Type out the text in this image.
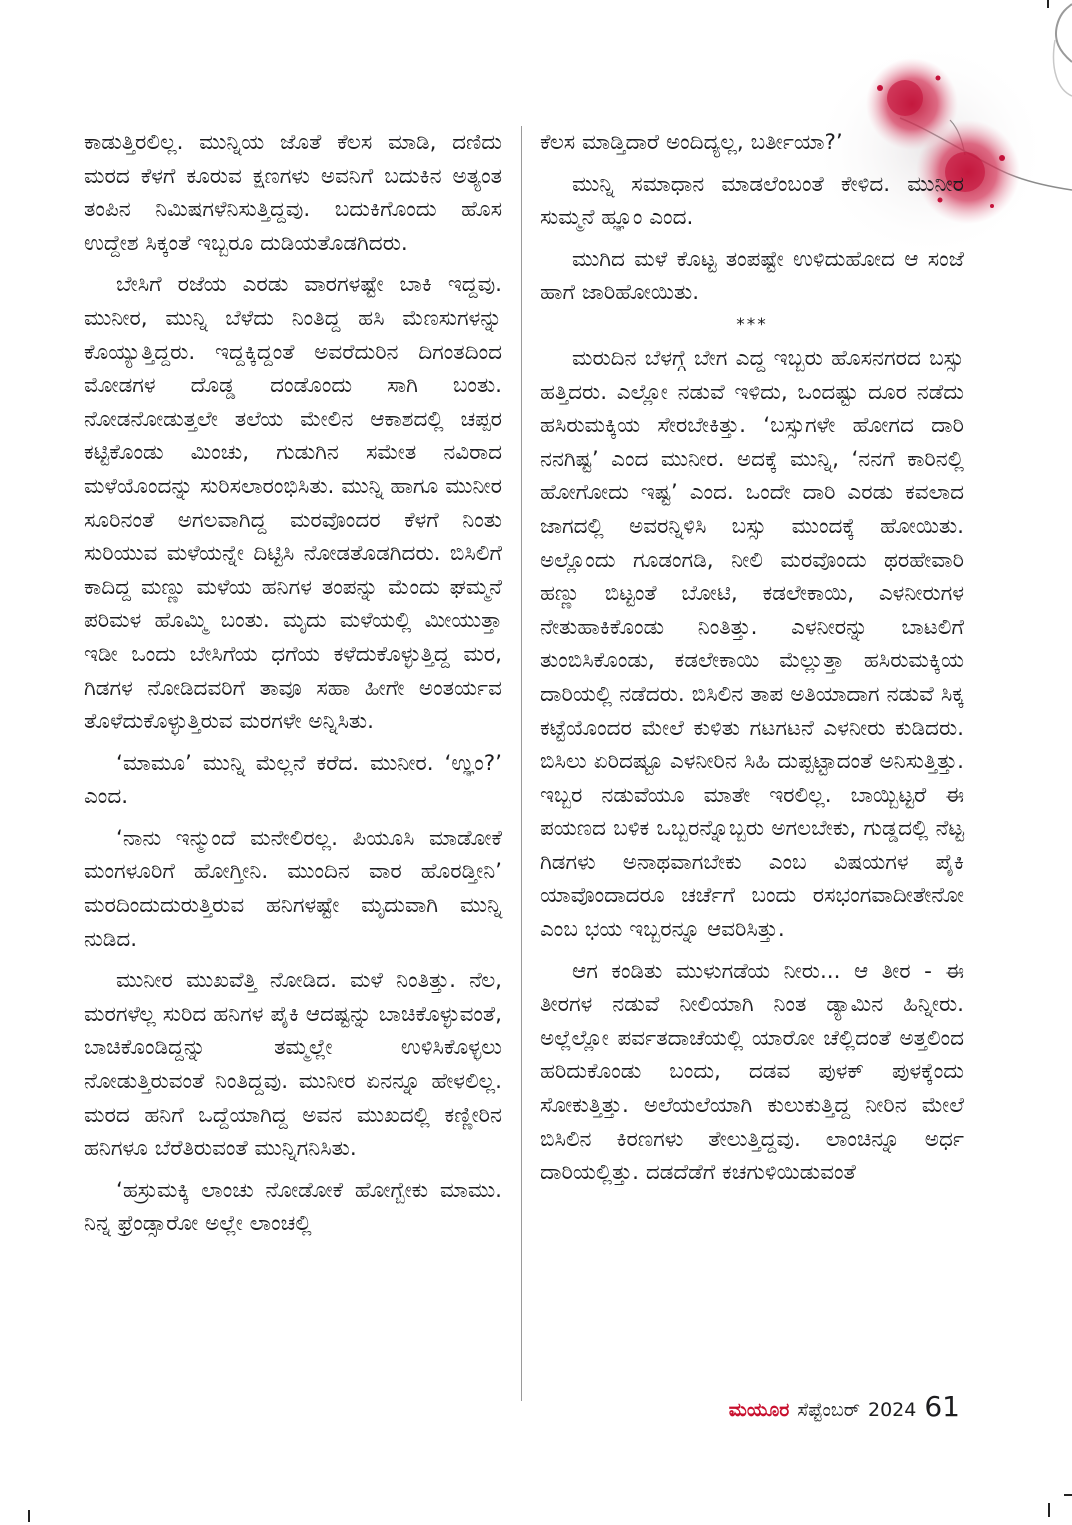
ಕಾಡುತ್ತಿರಲಿಲ್ಲ. ಮುನ್ನಿಯ ಜೊತೆ ಕೆಲಸ ಮಾಡಿ, ದಣಿದು ಮರದ ಕೆಳಗೆ ಕೂರುವ ಕ್ಷಣಗಳು ಅವನಿಗೆ ಬದುಕಿನ ಅತ್ಯಂತ ತಂಪಿನ ನಿಮಿಷಗಳೆನಿಸುತ್ತಿದ್ದವು. ಬದುಕಿಗೊಂದು ಹೊಸ ಉದ್ದೇಶ ಸಿಕ್ಕಂತೆ ಇಬ್ಬರೂ ದುಡಿಯತೊಡಗಿದರು.

ಬೇಸಿಗೆ ರಜೆಯ ಎರಡು ವಾರಗಳಷ್ಟೇ ಬಾಕಿ ಇದ್ದವು. ಮುನೀರ, ಮುನ್ನಿ ಬೆಳೆದು ನಿಂತಿದ್ದ ಹಸಿ ಮೆಣಸುಗಳನ್ನು ಕೊಯ್ಯುತ್ತಿದ್ದರು. ಇದ್ದಕ್ಕಿದ್ದಂತೆ ಅವರೆದುರಿನ ದಿಗಂತದಿಂದ ಮೋಡಗಳ ದೊಡ್ಡ ದಂಡೊಂದು ಸಾಗಿ ಬಂತು. ನೋಡನೋಡುತ್ತಲೇ ತಲೆಯ ಮೇಲಿನ ಆಕಾಶದಲ್ಲಿ ಚಪ್ಪರ ಕಟ್ಟಿಕೊಂಡು ಮಿಂಚು, ಗುಡುಗಿನ ಸಮೇತ ನವಿರಾದ ಮಳೆಯೊಂದನ್ನು ಸುರಿಸಲಾರಂಭಿಸಿತು. ಮುನ್ನಿ ಹಾಗೂ ಮುನೀರ ಸೂರಿನಂತೆ ಅಗಲವಾಗಿದ್ದ ಮರವೊಂದರ ಕೆಳಗೆ ನಿಂತು ಸುರಿಯುವ ಮಳೆಯನ್ನೇ ದಿಟ್ಟಿಸಿ ನೋಡತೊಡಗಿದರು. ಬಿಸಿಲಿಗೆ ಕಾದಿದ್ದ ಮಣ್ಣು ಮಳೆಯ ಹನಿಗಳ ತಂಪನ್ನು ಮೆಂದು ಘಮ್ಮನೆ ಪರಿಮಳ ಹೊಮ್ಮಿ ಬಂತು. ಮೃದು ಮಳೆಯಲ್ಲಿ ಮೀಯುತ್ತಾ ಇಡೀ ಒಂದು ಬೇಸಿಗೆಯ ಧಗೆಯ ಕಳೆದುಕೊಳ್ಳುತ್ತಿದ್ದ ಮರ, ಗಿಡಗಳ ನೋಡಿದವರಿಗೆ ತಾವೂ ಸಹಾ ಹೀಗೇ ಅಂತರ್ಯವ ತೊಳೆದುಕೊಳ್ಳುತ್ತಿರುವ ಮರಗಳೇ ಅನ್ನಿಸಿತು.

‘ಮಾಮೂ’ ಮುನ್ನಿ ಮೆಲ್ಲನೆ ಕರೆದ. ಮುನೀರ. ‘ಉ್ಞಂ?’ ಎಂದ.

‘ನಾನು ಇನ್ಮುಂದೆ ಮನೇಲಿರಲ್ಲ. ಪಿಯೂಸಿ ಮಾಡೋಕೆ ಮಂಗಳೂರಿಗೆ ಹೋಗ್ತೀನಿ. ಮುಂದಿನ ವಾರ ಹೊರಡ್ತೀನಿ’ ಮರದಿಂದುದುರುತ್ತಿರುವ ಹನಿಗಳಷ್ಟೇ ಮೃದುವಾಗಿ ಮುನ್ನಿ ನುಡಿದ.

ಮುನೀರ ಮುಖವೆತ್ತಿ ನೋಡಿದ. ಮಳೆ ನಿಂತಿತ್ತು. ನೆಲ, ಮರಗಳೆಲ್ಲ ಸುರಿದ ಹನಿಗಳ ಪೈಕಿ ಆದಷ್ಟನ್ನು ಬಾಚಿಕೊಳ್ಳುವಂತೆ, ಬಾಚಿಕೊಂಡಿದ್ದನ್ನು ತಮ್ಮಲ್ಲೇ ಉಳಿಸಿಕೊಳ್ಳಲು ನೋಡುತ್ತಿರುವಂತೆ ನಿಂತಿದ್ದವು. ಮುನೀರ ಏನನ್ನೂ ಹೇಳಲಿಲ್ಲ. ಮರದ ಹನಿಗೆ ಒದ್ದೆಯಾಗಿದ್ದ ಅವನ ಮುಖದಲ್ಲಿ ಕಣ್ಣೀರಿನ ಹನಿಗಳೂ ಬೆರೆತಿರುವಂತೆ ಮುನ್ನಿಗನಿಸಿತು.

‘ಹಸ್ರುಮಕ್ಕಿ ಲಾಂಚು ನೋಡೋಕೆ ಹೋಗ್ಬೇಕು ಮಾಮು. ನಿನ್ನ ಫ್ರೆಂಡ್ಸಾರೋ ಅಲ್ಲೇ ಲಾಂಚಲ್ಲಿ

ಕೆಲಸ ಮಾಡ್ತಿದಾರೆ ಅಂದಿದ್ಯಲ್ಲ, ಬರ್ತೀಯಾ?’

ಮುನ್ನಿ ಸಮಾಧಾನ ಮಾಡಲೆಂಬಂತೆ ಕೇಳಿದ. ಮುನೀರ ಸುಮ್ಮನೆ ಹ್ಞೂಂ ಎಂದ.

ಮುಗಿದ ಮಳೆ ಕೊಟ್ಟ ತಂಪಷ್ಟೇ ಉಳಿದುಹೋದ ಆ ಸಂಜೆ ಹಾಗೆ ಜಾರಿಹೋಯಿತು.

***

ಮರುದಿನ ಬೆಳಗ್ಗೆ ಬೇಗ ಎದ್ದ ಇಬ್ಬರು ಹೊಸನಗರದ ಬಸ್ಸು ಹತ್ತಿದರು. ಎಲ್ಲೋ ನಡುವೆ ಇಳಿದು, ಒಂದಷ್ಟು ದೂರ ನಡೆದು ಹಸಿರುಮಕ್ಕಿಯ ಸೇರಬೇಕಿತ್ತು. ‘ಬಸ್ಸುಗಳೇ ಹೋಗದ ದಾರಿ ನನಗಿಷ್ಟ’ ಎಂದ ಮುನೀರ. ಅದಕ್ಕೆ ಮುನ್ನಿ, ‘ನನಗೆ ಕಾರಿನಲ್ಲಿ ಹೋಗೋದು ಇಷ್ಟ’ ಎಂದ. ಒಂದೇ ದಾರಿ ಎರಡು ಕವಲಾದ ಜಾಗದಲ್ಲಿ ಅವರನ್ನಿಳಿಸಿ ಬಸ್ಸು ಮುಂದಕ್ಕೆ ಹೋಯಿತು. ಅಲ್ಲೊಂದು ಗೂಡಂಗಡಿ, ನೀಲಿ ಮರವೊಂದು ಥರಹೇವಾರಿ ಹಣ್ಣು ಬಿಟ್ಟಂತೆ ಬೋಟಿ, ಕಡಲೇಕಾಯಿ, ಎಳನೀರುಗಳ ನೇತುಹಾಕಿಕೊಂಡು ನಿಂತಿತ್ತು. ಎಳನೀರನ್ನು ಬಾಟಲಿಗೆ ತುಂಬಿಸಿಕೊಂಡು, ಕಡಲೇಕಾಯಿ ಮೆಲ್ಲುತ್ತಾ ಹಸಿರುಮಕ್ಕಿಯ ದಾರಿಯಲ್ಲಿ ನಡೆದರು. ಬಿಸಿಲಿನ ತಾಪ ಅತಿಯಾದಾಗ ನಡುವೆ ಸಿಕ್ಕ ಕಟ್ಟೆಯೊಂದರ ಮೇಲೆ ಕುಳಿತು ಗಟಗಟನೆ ಎಳನೀರು ಕುಡಿದರು. ಬಿಸಿಲು ಏರಿದಷ್ಟೂ ಎಳನೀರಿನ ಸಿಹಿ ದುಪ್ಪಟ್ಟಾದಂತೆ ಅನಿಸುತ್ತಿತ್ತು. ಇಬ್ಬರ ನಡುವೆಯೂ ಮಾತೇ ಇರಲಿಲ್ಲ. ಬಾಯ್ಬಿಟ್ಟರೆ ಈ ಪಯಣದ ಬಳಿಕ ಒಬ್ಬರನ್ನೊಬ್ಬರು ಅಗಲಬೇಕು, ಗುಡ್ಡದಲ್ಲಿ ನೆಟ್ಟ ಗಿಡಗಳು ಅನಾಥವಾಗಬೇಕು ಎಂಬ ವಿಷಯಗಳ ಪೈಕಿ ಯಾವೊಂದಾದರೂ ಚರ್ಚೆಗೆ ಬಂದು ರಸಭಂಗವಾದೀತೇನೋ ಎಂಬ ಭಯ ಇಬ್ಬರನ್ನೂ ಆವರಿಸಿತ್ತು.

ಆಗ ಕಂಡಿತು ಮುಳುಗಡೆಯ ನೀರು... ಆ ತೀರ - ಈ ತೀರಗಳ ನಡುವೆ ನೀಲಿಯಾಗಿ ನಿಂತ ಡ್ಯಾಮಿನ ಹಿನ್ನೀರು. ಅಲ್ಲೆಲ್ಲೋ ಪರ್ವತದಾಚೆಯಲ್ಲಿ ಯಾರೋ ಚೆಲ್ಲಿದಂತೆ ಅತ್ತಲಿಂದ ಹರಿದುಕೊಂಡು ಬಂದು, ದಡವ ಪುಳಕ್ ಪುಳಕ್ಕೆಂದು ಸೋಕುತ್ತಿತ್ತು. ಅಲೆಯಲೆಯಾಗಿ ಕುಲುಕುತ್ತಿದ್ದ ನೀರಿನ ಮೇಲೆ ಬಿಸಿಲಿನ ಕಿರಣಗಳು ತೇಲುತ್ತಿದ್ದವು. ಲಾಂಚಿನ್ನೂ ಅರ್ಧ ದಾರಿಯಲ್ಲಿತ್ತು. ದಡದೆಡೆಗೆ ಕಚಗುಳಿಯಿಡುವಂತೆ

ಮಯೂರ ಸೆಪ್ಟೆಂಬರ್ 2024 61
